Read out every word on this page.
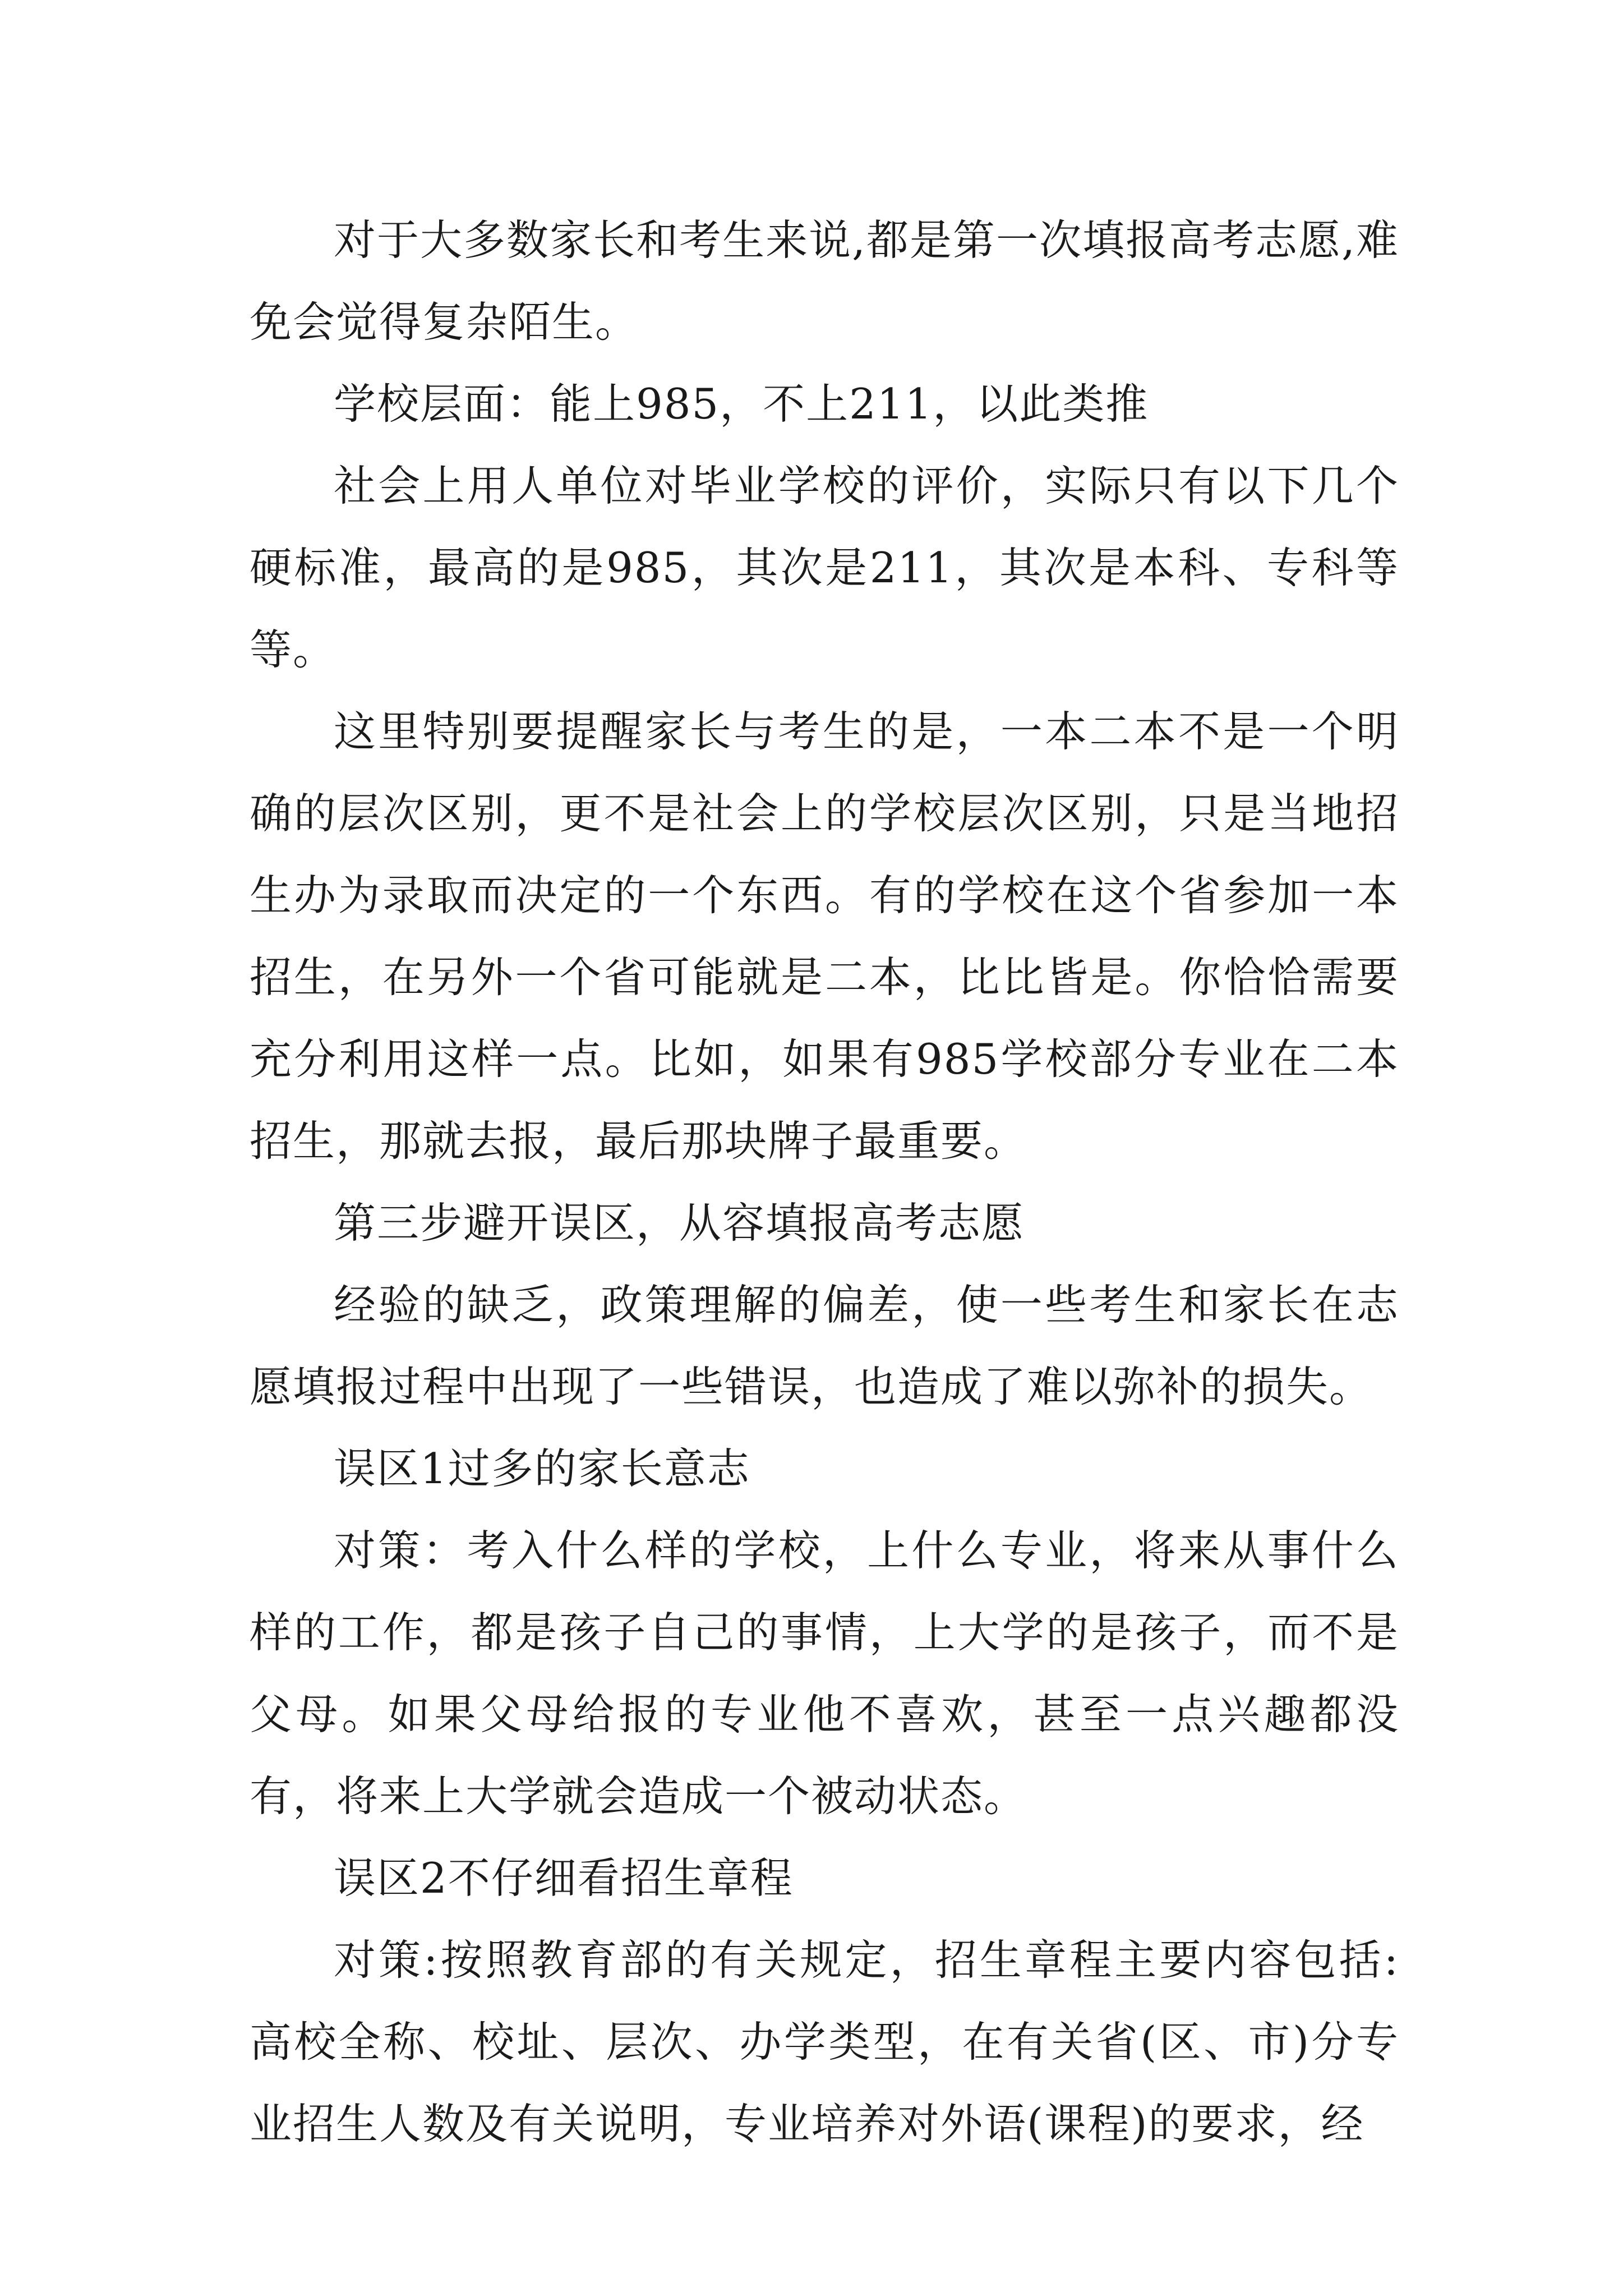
对于大多数家长和考生来说,都是第一次填报高考志愿,难免会觉得复杂陌生。

学校层面：能上985，不上211，以此类推

社会上用人单位对毕业学校的评价，实际只有以下几个硬标准，最高的是985，其次是211，其次是本科、专科等等。

这里特别要提醒家长与考生的是，一本二本不是一个明确的层次区别，更不是社会上的学校层次区别，只是当地招生办为录取而决定的一个东西。有的学校在这个省参加一本招生，在另外一个省可能就是二本，比比皆是。你恰恰需要充分利用这样一点。比如，如果有985学校部分专业在二本招生，那就去报，最后那块牌子最重要。

第三步避开误区，从容填报高考志愿

经验的缺乏，政策理解的偏差，使一些考生和家长在志愿填报过程中出现了一些错误，也造成了难以弥补的损失。

误区1过多的家长意志

对策：考入什么样的学校，上什么专业，将来从事什么样的工作，都是孩子自己的事情，上大学的是孩子，而不是父母。如果父母给报的专业他不喜欢，甚至一点兴趣都没有，将来上大学就会造成一个被动状态。

误区2不仔细看招生章程

对策:按照教育部的有关规定，招生章程主要内容包括:高校全称、校址、层次、办学类型，在有关省(区、市)分专业招生人数及有关说明，专业培养对外语(课程)的要求，经
